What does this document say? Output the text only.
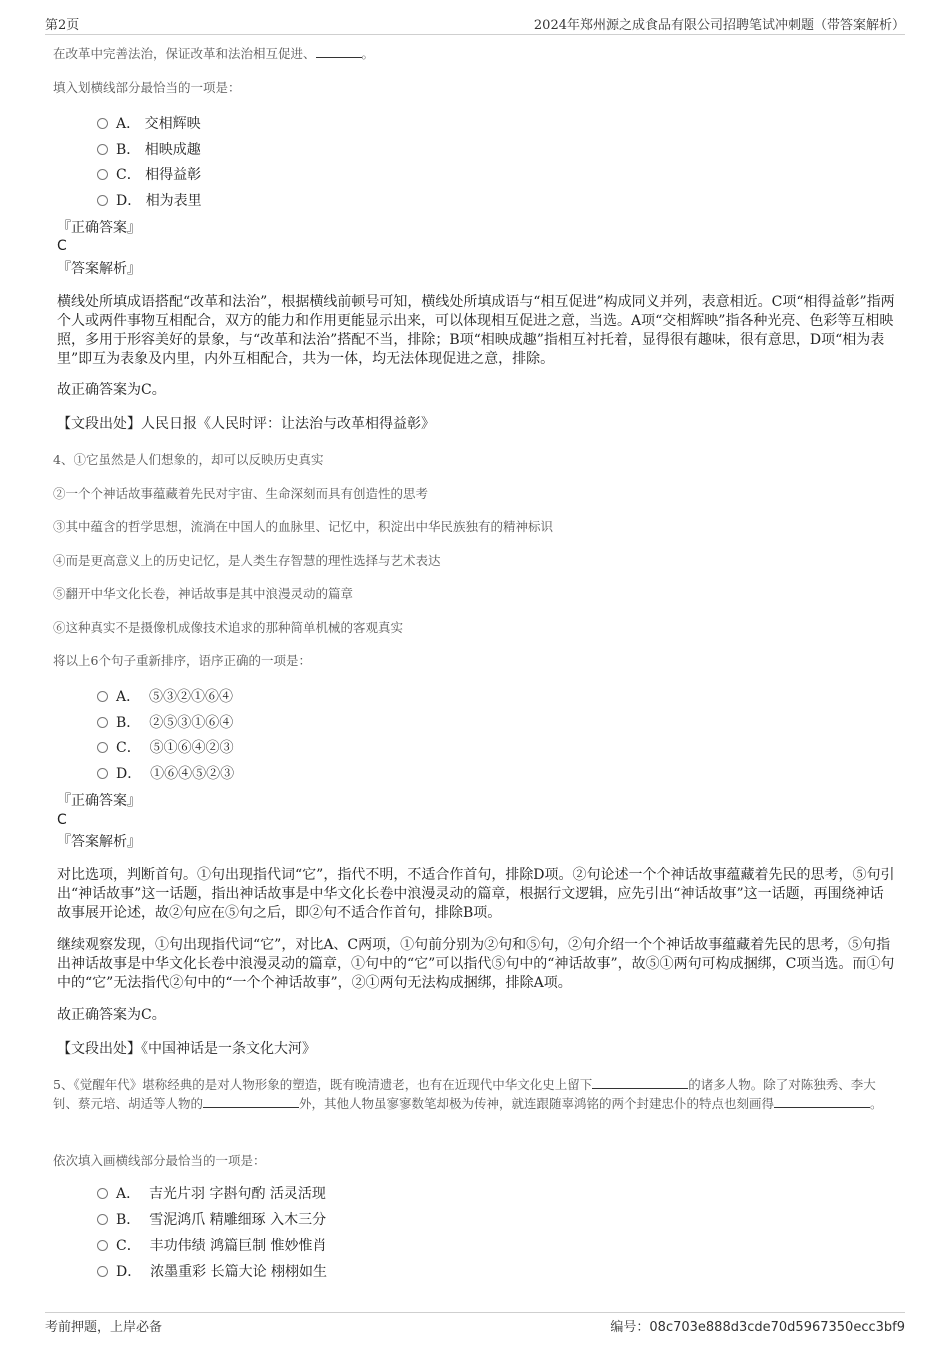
第2页	2024年郑州源之成食品有限公司招聘笔试冲刺题（带答案解析）
在改革中完善法治，保证改革和法治相互促进、	。
填入划横线部分最恰当的一项是：
A． 交相辉映
B． 相映成趣
C． 相得益彰
D． 相为表里
『正确答案』
C
『答案解析』
横线处所填成语搭配“改革和法治”，根据横线前顿号可知，横线处所填成语与“相互促进”构成同义并列，表意相近。C项“相得益彰”指两个人或两件事物互相配合，双方的能力和作用更能显示出来，可以体现相互促进之意，当选。A项“交相辉映”指各种光亮、色彩等互相映照，多用于形容美好的景象，与“改革和法治”搭配不当，排除；B项“相映成趣”指相互衬托着，显得很有趣味，很有意思，D项“相为表里”即互为表象及内里，内外互相配合，共为一体，均无法体现促进之意，排除。
故正确答案为C。
【文段出处】人民日报《人民时评：让法治与改革相得益彰》
4、①它虽然是人们想象的，却可以反映历史真实
②一个个神话故事蕴藏着先民对宇宙、生命深刻而具有创造性的思考
③其中蕴含的哲学思想，流淌在中国人的血脉里、记忆中，积淀出中华民族独有的精神标识
④而是更高意义上的历史记忆，是人类生存智慧的理性选择与艺术表达
⑤翻开中华文化长卷，神话故事是其中浪漫灵动的篇章
⑥这种真实不是摄像机成像技术追求的那种简单机械的客观真实
将以上6个句子重新排序，语序正确的一项是：
A． ⑤③②①⑥④
B． ②⑤③①⑥④
C． ⑤①⑥④②③
D． ①⑥④⑤②③
『正确答案』
C
『答案解析』
对比选项，判断首句。①句出现指代词“它”，指代不明，不适合作首句，排除D项。②句论述一个个神话故事蕴藏着先民的思考，⑤句引出“神话故事”这一话题，指出神话故事是中华文化长卷中浪漫灵动的篇章，根据行文逻辑，应先引出“神话故事”这一话题，再围绕神话故事展开论述，故②句应在⑤句之后，即②句不适合作首句，排除B项。
继续观察发现，①句出现指代词“它”，对比A、C两项，①句前分别为②句和⑤句，②句介绍一个个神话故事蕴藏着先民的思考，⑤句指出神话故事是中华文化长卷中浪漫灵动的篇章，①句中的“它”可以指代⑤句中的“神话故事”，故⑤①两句可构成捆绑，C项当选。而①句中的“它”无法指代②句中的“一个个神话故事”，②①两句无法构成捆绑，排除A项。
故正确答案为C。
【文段出处】《中国神话是一条文化大河》
5、《觉醒年代》堪称经典的是对人物形象的塑造，既有晚清遗老，也有在近现代中华文化史上留下	的诸多人物。除了对陈独秀、李大钊、蔡元培、胡适等人物的	外，其他人物虽寥寥数笔却极为传神，就连跟随辜鸿铭的两个封建忠仆的特点也刻画得	。
依次填入画横线部分最恰当的一项是：
A． 吉光片羽 字斟句酌 活灵活现
B． 雪泥鸿爪 精雕细琢 入木三分
C． 丰功伟绩 鸿篇巨制 惟妙惟肖
D． 浓墨重彩 长篇大论 栩栩如生
考前押题，上岸必备	编号：08c703e888d3cde70d5967350ecc3bf9
